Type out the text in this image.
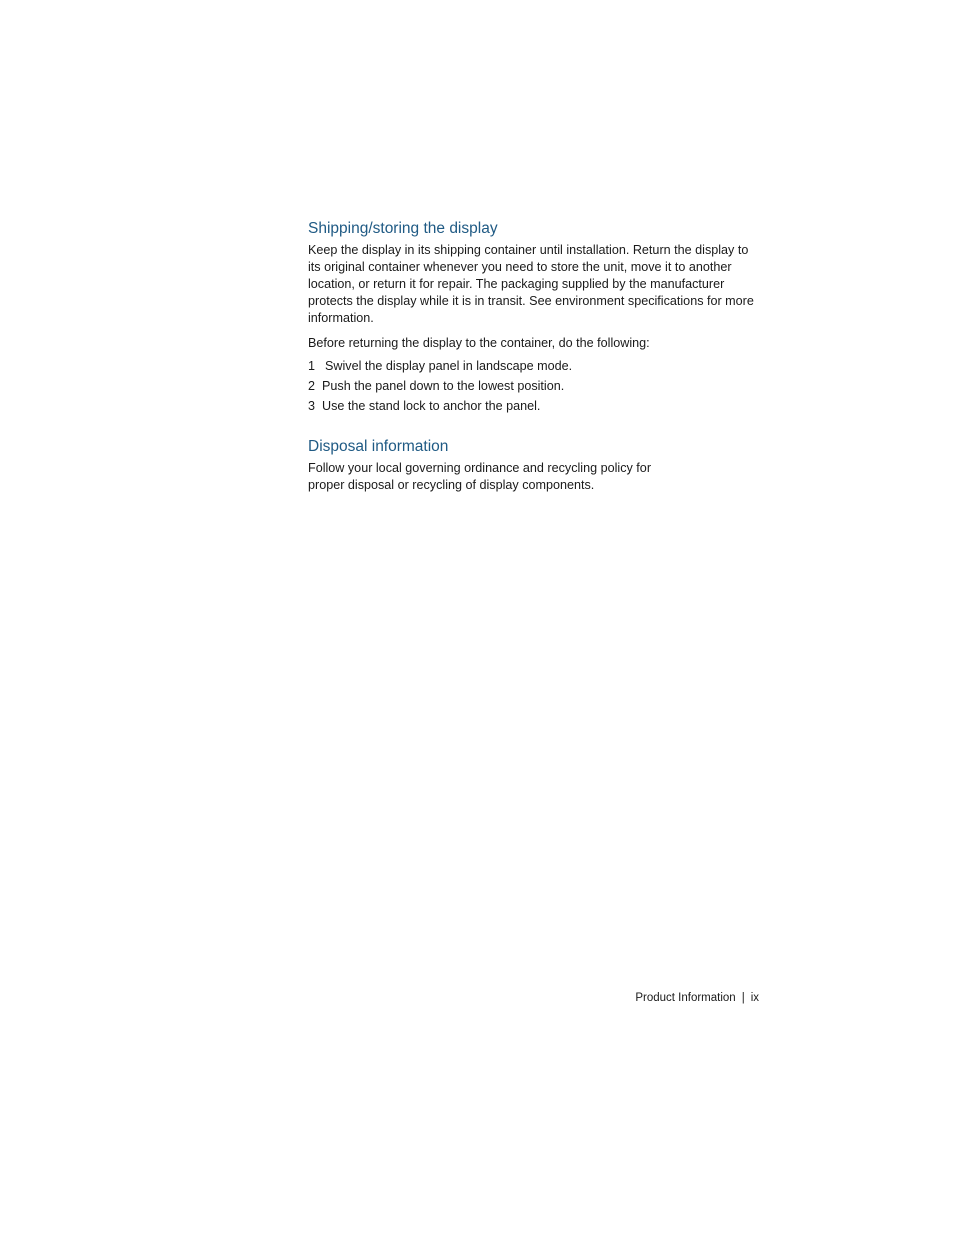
Shipping/storing the display

Keep the display in its shipping container until installation. Return the display to its original container whenever you need to store the unit, move it to another location, or return it for repair. The packaging supplied by the manufacturer protects the display while it is in transit. See environment specifications for more information.

Before returning the display to the container, do the following:

1 Swivel the display panel in landscape mode.
2 Push the panel down to the lowest position.
3 Use the stand lock to anchor the panel.
Disposal information

Follow your local governing ordinance and recycling policy for proper disposal or recycling of display components.

Product Information | ix
